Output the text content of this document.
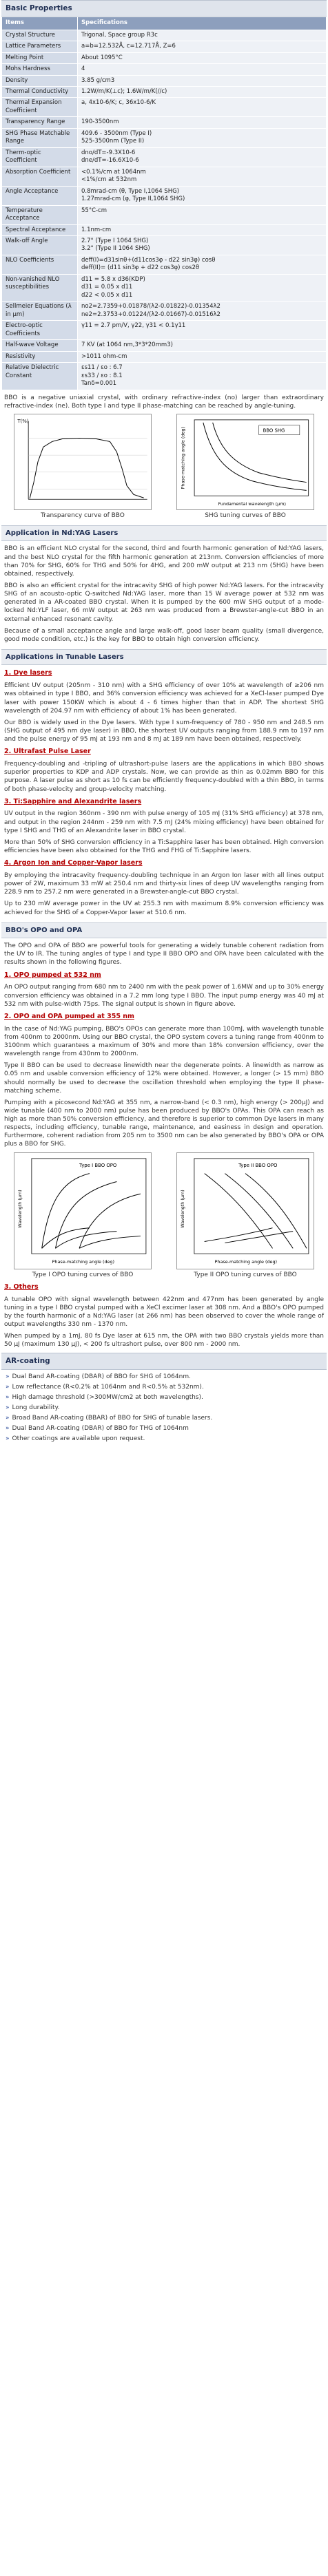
Basic Properties
Items	Specifications
Crystal Structure	Trigonal, Space group R3c
Lattice Parameters	a=b=12.532Å, c=12.717Å, Z=6
Melting Point	About 1095°C
Mohs Hardness	4
Density	3.85 g/cm3
Thermal Conductivity	1.2W/m/K(⊥c); 1.6W/m/K(//c)
Thermal Expansion Coefficient	a, 4x10-6/K; c, 36x10-6/K
Transparency Range	190-3500nm
SHG Phase Matchable Range	409.6 - 3500nm (Type I)
525-3500nm (Type II)
Therm-optic Coefficient	dno/dT=-9.3X10-6
dne/dT=-16.6X10-6
Absorption Coefficient	<0.1%/cm at 1064nm
<1%/cm at 532nm
Angle Acceptance	0.8mrad-cm (θ, Type I,1064 SHG)
1.27mrad-cm (φ, Type II,1064 SHG)
Temperature Acceptance	55°C-cm
Spectral Acceptance	1.1nm-cm
Walk-off Angle	2.7° (Type I 1064 SHG)
3.2° (Type II 1064 SHG)
NLO Coefficients	deff(I)=d31sinθ+(d11cos3φ - d22 sin3φ) cosθ
deff(II)= (d11 sin3φ + d22 cos3φ) cos2θ
Non-vanished NLO susceptibilities	d11 = 5.8 x d36(KDP)
d31 = 0.05 x d11
d22 < 0.05 x d11
Sellmeier Equations (λ in μm)	no2=2.7359+0.01878/(λ2-0.01822)-0.01354λ2
ne2=2.3753+0.01224/(λ2-0.01667)-0.01516λ2
Electro-optic Coefficients	γ11 = 2.7 pm/V, γ22, γ31 < 0.1γ11
Half-wave Voltage	7 KV (at 1064 nm,3*3*20mm3)
Resistivity	>1011 ohm-cm
Relative Dielectric Constant	εs11 / εo : 6.7
εs33 / εo : 8.1
Tanδ=0.001

BBO is a negative uniaxial crystal, with ordinary refractive-index (no) larger than extraordinary refractive-index (ne). Both type I and type II phase-matching can be reached by angle-tuning.

T(%)
Transparency curve of BBO
BBO SHG
Fundamental wavelength (μm)
Phase-matching angle (deg)
SHG tuning curves of BBO
Application in Nd:YAG Lasers

BBO is an efficient NLO crystal for the second, third and fourth harmonic generation of Nd:YAG lasers, and the best NLO crystal for the fifth harmonic generation at 213nm. Conversion efficiencies of more than 70% for SHG, 60% for THG and 50% for 4HG, and 200 mW output at 213 nm (5HG) have been obtained, respectively.

BBO is also an efficient crystal for the intracavity SHG of high power Nd:YAG lasers. For the intracavity SHG of an acousto-optic Q-switched Nd:YAG laser, more than 15 W average power at 532 nm was generated in a AR-coated BBO crystal. When it is pumped by the 600 mW SHG output of a mode-locked Nd:YLF laser, 66 mW output at 263 nm was produced from a Brewster-angle-cut BBO in an external enhanced resonant cavity.

Because of a small acceptance angle and large walk-off, good laser beam quality (small divergence, good mode condition, etc.) is the key for BBO to obtain high conversion efficiency.

Applications in Tunable Lasers
1. Dye lasers

Efficient UV output (205nm - 310 nm) with a SHG efficiency of over 10% at wavelength of ≥206 nm was obtained in type I BBO, and 36% conversion efficiency was achieved for a XeCl-laser pumped Dye laser with power 150KW which is about 4 - 6 times higher than that in ADP. The shortest SHG wavelength of 204.97 nm with efficiency of about 1% has been generated.

Our BBO is widely used in the Dye lasers. With type I sum-frequency of 780 - 950 nm and 248.5 nm (SHG output of 495 nm dye laser) in BBO, the shortest UV outputs ranging from 188.9 nm to 197 nm and the pulse energy of 95 mJ at 193 nm and 8 mJ at 189 nm have been obtained, respectively.

2. Ultrafast Pulse Laser

Frequency-doubling and -tripling of ultrashort-pulse lasers are the applications in which BBO shows superior properties to KDP and ADP crystals. Now, we can provide as thin as 0.02mm BBO for this purpose. A laser pulse as short as 10 fs can be efficiently frequency-doubled with a thin BBO, in terms of both phase-velocity and group-velocity matching.

3. Ti:Sapphire and Alexandrite lasers

UV output in the region 360nm - 390 nm with pulse energy of 105 mJ (31% SHG efficiency) at 378 nm, and output in the region 244nm - 259 nm with 7.5 mJ (24% mixing efficiency) have been obtained for type I SHG and THG of an Alexandrite laser in BBO crystal.

More than 50% of SHG conversion efficiency in a Ti:Sapphire laser has been obtained. High conversion efficiencies have been also obtained for the THG and FHG of Ti:Sapphire lasers.

4. Argon Ion and Copper-Vapor lasers

By employing the intracavity frequency-doubling technique in an Argon Ion laser with all lines output power of 2W, maximum 33 mW at 250.4 nm and thirty-six lines of deep UV wavelengths ranging from 228.9 nm to 257.2 nm were generated in a Brewster-angle-cut BBO crystal.

Up to 230 mW average power in the UV at 255.3 nm with maximum 8.9% conversion efficiency was achieved for the SHG of a Copper-Vapor laser at 510.6 nm.

BBO's OPO and OPA

The OPO and OPA of BBO are powerful tools for generating a widely tunable coherent radiation from the UV to IR. The tuning angles of type I and type II BBO OPO and OPA have been calculated with the results shown in the following figures.

1. OPO pumped at 532 nm

An OPO output ranging from 680 nm to 2400 nm with the peak power of 1.6MW and up to 30% energy conversion efficiency was obtained in a 7.2 mm long type I BBO. The input pump energy was 40 mJ at 532 nm with pulse-width 75ps. The signal output is shown in figure above.

2. OPO and OPA pumped at 355 nm

In the case of Nd:YAG pumping, BBO's OPOs can generate more than 100mJ, with wavelength tunable from 400nm to 2000nm. Using our BBO crystal, the OPO system covers a tuning range from 400nm to 3100nm which guarantees a maximum of 30% and more than 18% conversion efficiency, over the wavelength range from 430nm to 2000nm.

Type II BBO can be used to decrease linewidth near the degenerate points. A linewidth as narrow as 0.05 nm and usable conversion efficiency of 12% were obtained. However, a longer (> 15 mm) BBO should normally be used to decrease the oscillation threshold when employing the type II phase-matching scheme.

Pumping with a picosecond Nd:YAG at 355 nm, a narrow-band (< 0.3 nm), high energy (> 200μJ) and wide tunable (400 nm to 2000 nm) pulse has been produced by BBO's OPAs. This OPA can reach as high as more than 50% conversion efficiency, and therefore is superior to common Dye lasers in many respects, including efficiency, tunable range, maintenance, and easiness in design and operation. Furthermore, coherent radiation from 205 nm to 3500 nm can be also generated by BBO's OPA or OPA plus a BBO for SHG.

Type I BBO OPO
Phase-matching angle (deg)
Wavelength (μm)
Type I OPO tuning curves of BBO
Type II BBO OPO
Phase-matching angle (deg)
Wavelength (μm)
Type II OPO tuning curves of BBO
3. Others

A tunable OPO with signal wavelength between 422nm and 477nm has been generated by angle tuning in a type I BBO crystal pumped with a XeCl excimer laser at 308 nm. And a BBO's OPO pumped by the fourth harmonic of a Nd:YAG laser (at 266 nm) has been observed to cover the whole range of output wavelengths 330 nm - 1370 nm.

When pumped by a 1mJ, 80 fs Dye laser at 615 nm, the OPA with two BBO crystals yields more than 50 μJ (maximum 130 μJ), < 200 fs ultrashort pulse, over 800 nm - 2000 nm.

AR-coating
» Dual Band AR-coating (DBAR) of BBO for SHG of 1064nm.
» Low reflectance (R<0.2% at 1064nm and R<0.5% at 532nm).
» High damage threshold (>300MW/cm2 at both wavelengths).
» Long durability.
» Broad Band AR-coating (BBAR) of BBO for SHG of tunable lasers.
» Dual Band AR-coating (DBAR) of BBO for THG of 1064nm
» Other coatings are available upon request.
